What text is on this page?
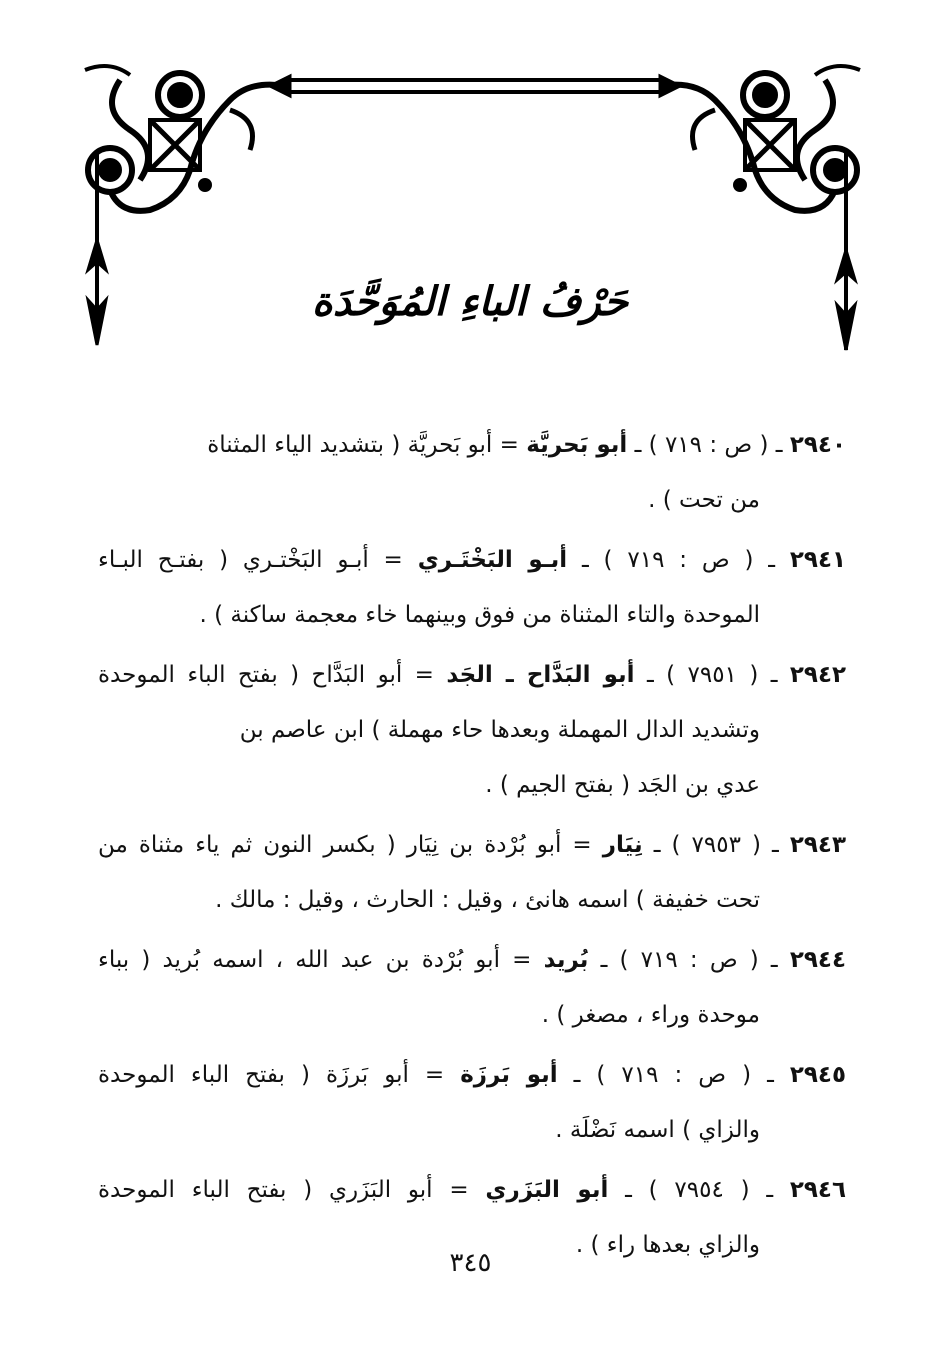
حَرْفُ الباءِ المُوَحَّدَة
٢٩٤٠ ـ ( ص : ٧١٩ ) ـ أبو بَحريَّة = أبو بَحريَّة ( بتشديد الياء المثناة
من تحت ) .
٢٩٤١ ـ ( ص : ٧١٩ ) ـ أبـو البَخْتَـري = أبـو البَخْتـري ( بفتـح البـاء
الموحدة والتاء المثناة من فوق وبينهما خاء معجمة ساكنة ) .
٢٩٤٢ ـ ( ٧٩٥١ ) ـ أبو البَدَّاح ـ الجَد = أبو البَدَّاح ( بفتح الباء الموحدة
وتشديد الدال المهملة وبعدها حاء مهملة ) ابن عاصم بن
عدي بن الجَد ( بفتح الجيم ) .
٢٩٤٣ ـ ( ٧٩٥٣ ) ـ نِيَار = أبو بُرْدة بن نِيَار ( بكسر النون ثم ياء مثناة من
تحت خفيفة ) اسمه هانئ ، وقيل : الحارث ، وقيل : مالك .
٢٩٤٤ ـ ( ص : ٧١٩ ) ـ بُريد = أبو بُرْدة بن عبد الله ، اسمه بُريد ( بباء
موحدة وراء ، مصغر ) .
٢٩٤٥ ـ ( ص : ٧١٩ ) ـ أبو بَرزَة = أبو بَرزَة ( بفتح الباء الموحدة
والزاي ) اسمه نَضْلَة .
٢٩٤٦ ـ ( ٧٩٥٤ ) ـ أبو البَزَري = أبو البَزَري ( بفتح الباء الموحدة
والزاي بعدها راء ) .
٣٤٥
